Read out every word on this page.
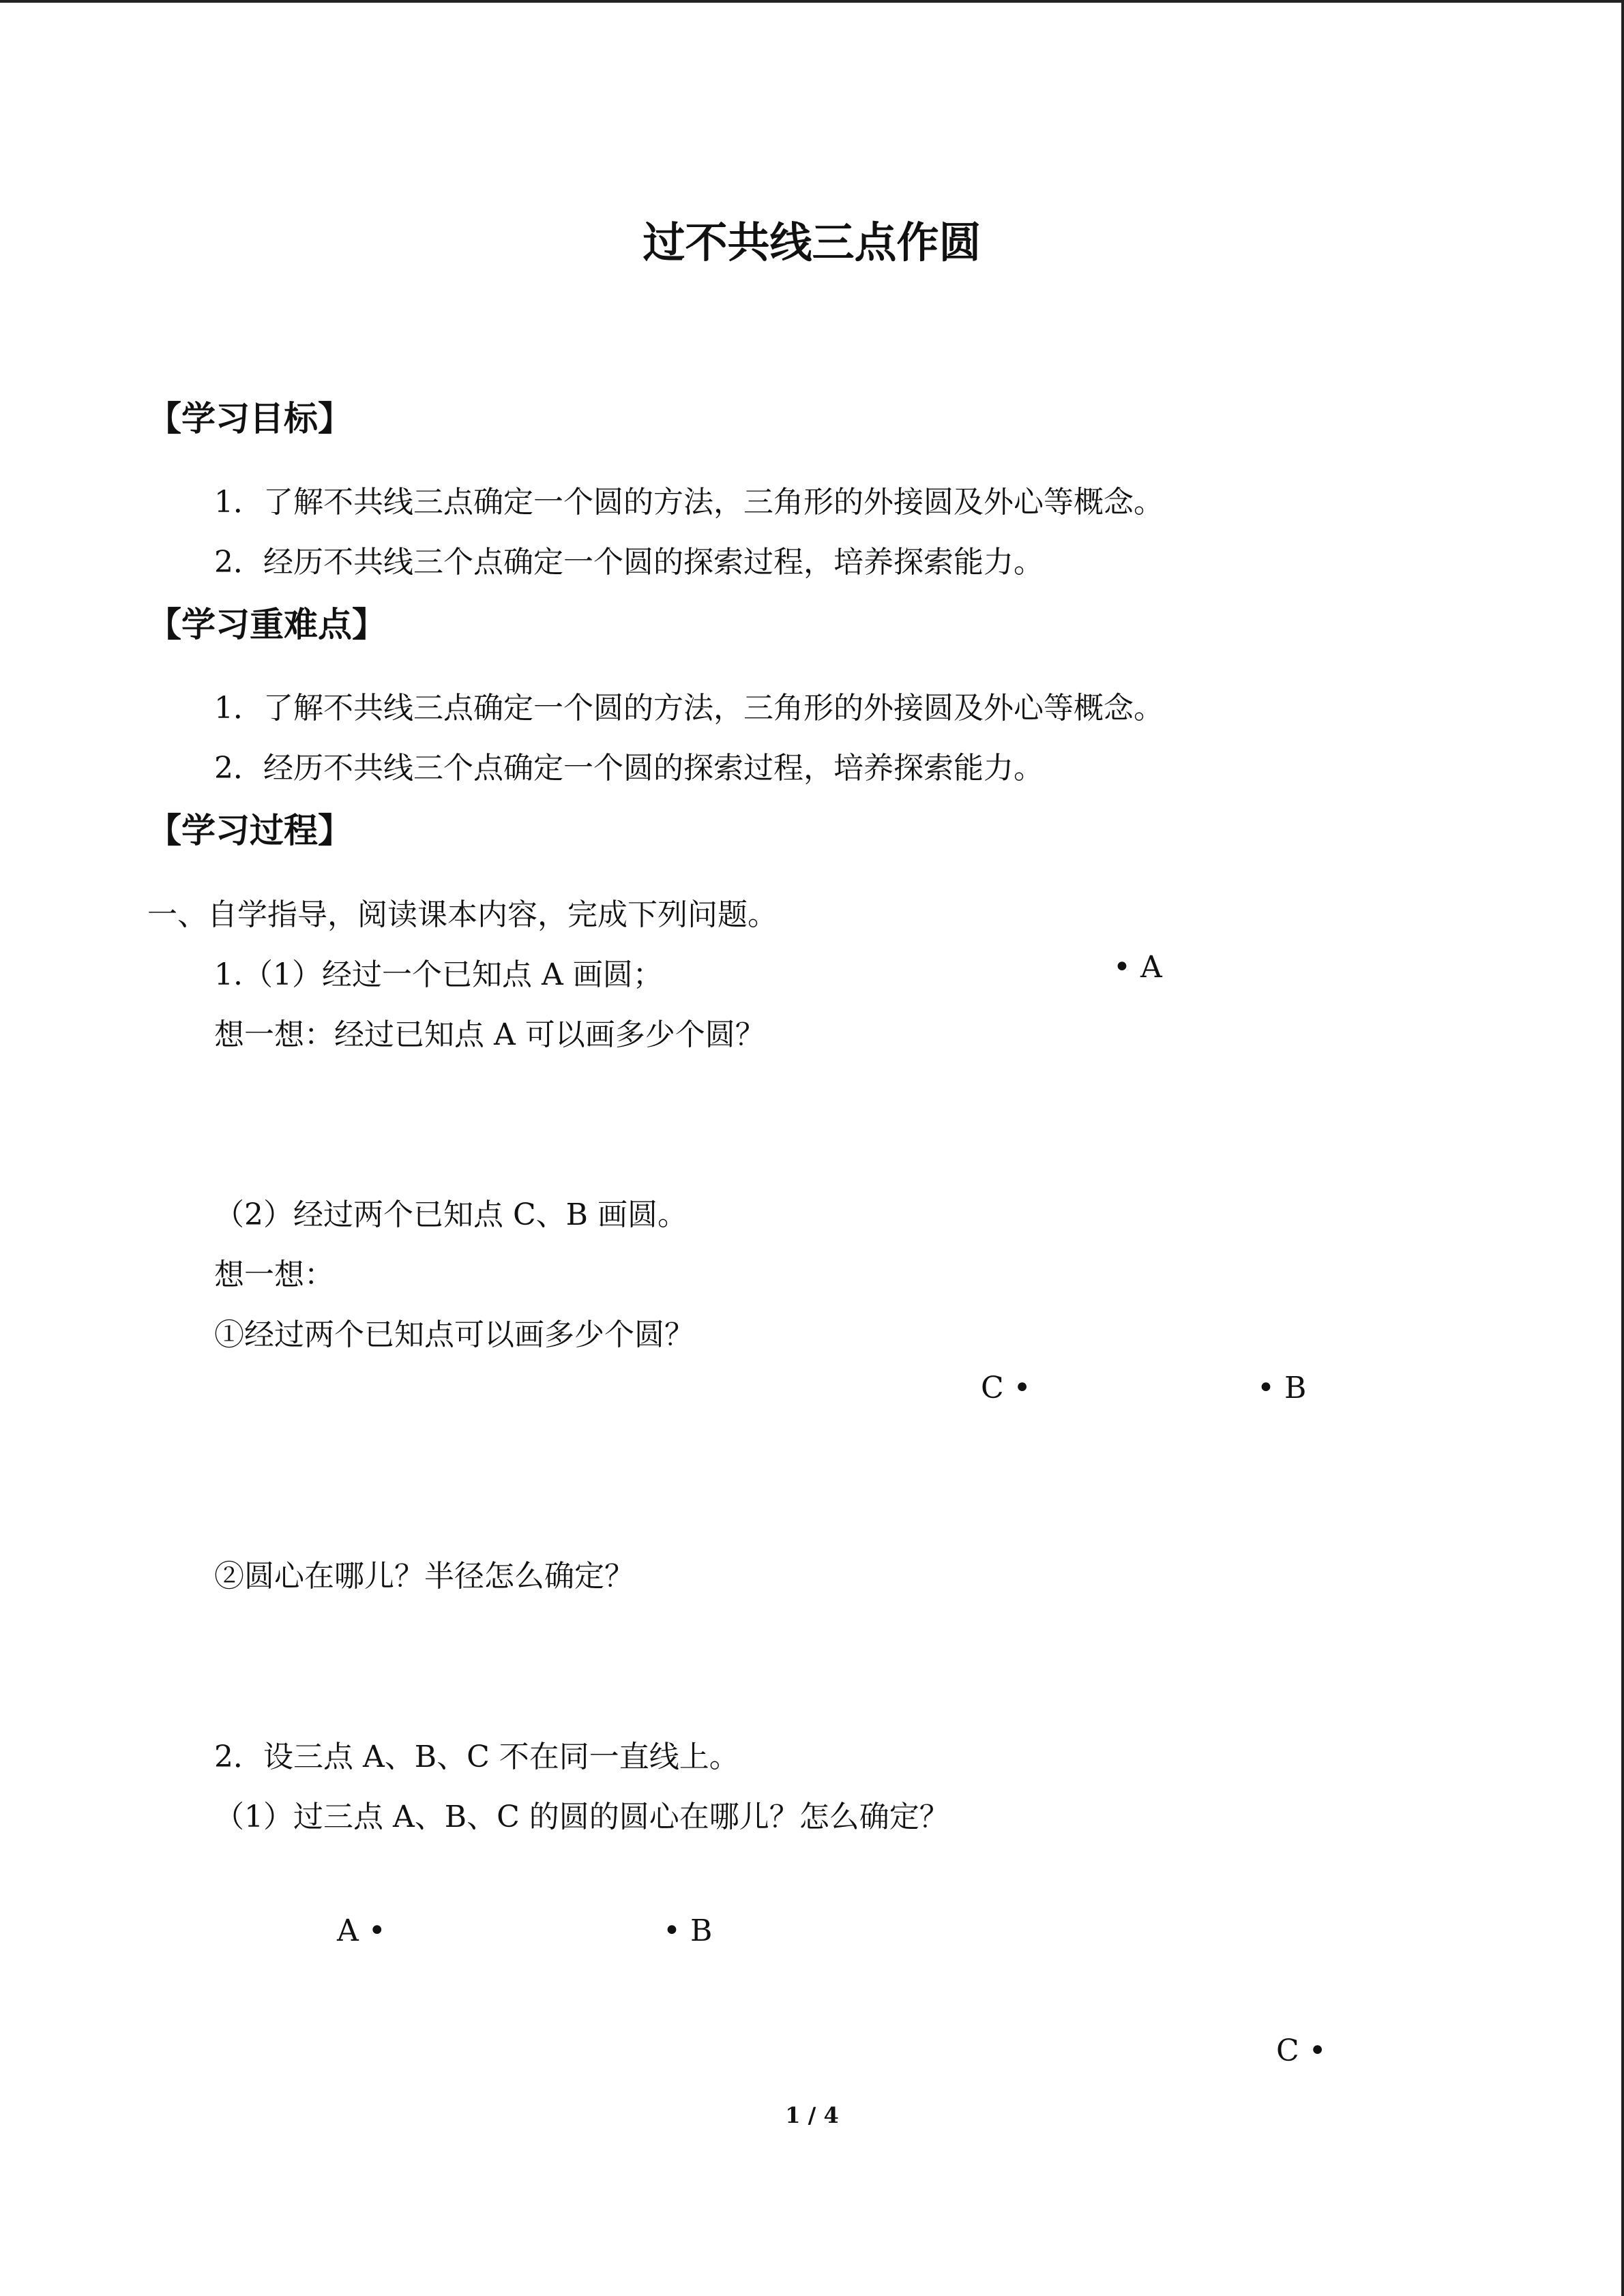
过不共线三点作圆
【学习目标】
1．了解不共线三点确定一个圆的方法，三角形的外接圆及外心等概念。
2．经历不共线三个点确定一个圆的探索过程，培养探索能力。
【学习重难点】
1．了解不共线三点确定一个圆的方法，三角形的外接圆及外心等概念。
2．经历不共线三个点确定一个圆的探索过程，培养探索能力。
【学习过程】
一、自学指导，阅读课本内容，完成下列问题。
1.（1）经过一个已知点 A 画圆；	• A
想一想：经过已知点 A 可以画多少个圆？
（2）经过两个已知点 C、B 画圆。
想一想：
①经过两个已知点可以画多少个圆？
C •	• B
②圆心在哪儿？半径怎么确定？
2．设三点 A、B、C 不在同一直线上。
（1）过三点 A、B、C 的圆的圆心在哪儿？怎么确定？
A •	• B
C •
1 / 4
